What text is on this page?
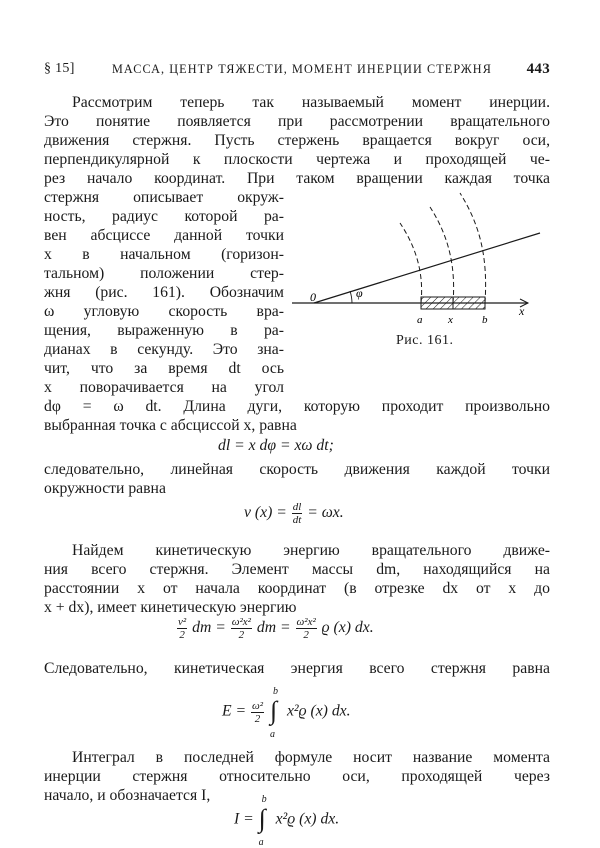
§ 15]	МАССА, ЦЕНТР ТЯЖЕСТИ, МОМЕНТ ИНЕРЦИИ СТЕРЖНЯ 443

Рассмотрим теперь так называемый момент инерции.

Это понятие появляется при рассмотрении вращательного

движения стержня. Пусть стержень вращается вокруг оси,

перпендикулярной к плоскости чертежа и проходящей че-

рез начало координат. При таком вращении каждая точка

стержня описывает окруж-

ность, радиус которой ра-

вен абсциссе данной точки

x в начальном (горизон-

тальном) положении стер-

жня (рис. 161). Обозначим

ω угловую скорость вра-

щения, выраженную в ра-

дианах в секунду. Это зна-

чит, что за время dt ось

x поворачивается на угол

dφ = ω dt. Длина дуги, которую проходит произвольно

выбранная точка с абсциссой x, равна

dl = x dφ = xω dt;

следовательно, линейная скорость движения каждой точки

окружности равна

v $(x) = \frac{dl}{dt} = \omega x$.

Найдем кинетическую энергию вращательного движе-

ния всего стержня. Элемент массы dm, находящийся на

расстоянии x от начала координат (в отрезке dx от x до

x + dx), имеет кинетическую энергию

$\frac{\text{v²}}{2}$ dm = $\frac{\text{ω²x²}}{2}$ dm = $\frac{\text{ω²x²}}{2}$ ϱ (x) dx.

Следовательно, кинетическая энергия всего стержня равна

$E = \frac{\text{ω²}}{2}$

b
∫
a
x²ϱ (x) dx.

Интеграл в последней формуле носит название момента

инерции стержня относительно оси, проходящей через

начало, и обозначается I,

I =
b
∫
a
x²ϱ (x) dx.
0	φ
a x	b
x
Рис. 161.
